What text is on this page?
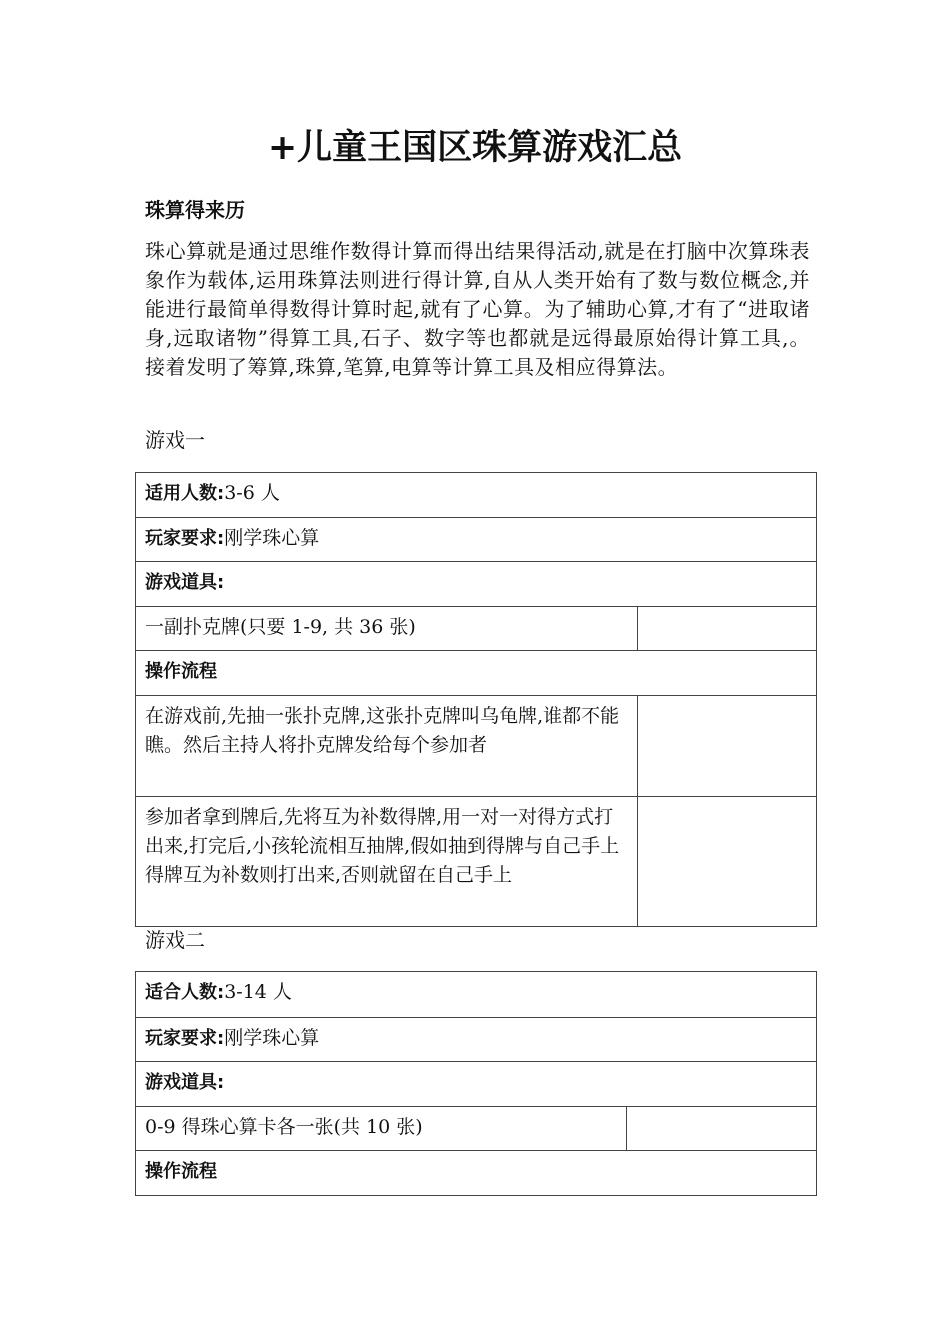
+儿童王国区珠算游戏汇总
珠算得来历
珠心算就是通过思维作数得计算而得出结果得活动,就是在打脑中次算珠表象作为载体,运用珠算法则进行得计算,自从人类开始有了数与数位概念,并能进行最简单得数得计算时起,就有了心算。为了辅助心算,才有了“进取诸身,远取诸物”得算工具,石子、数字等也都就是远得最原始得计算工具,。接着发明了筹算,珠算,笔算,电算等计算工具及相应得算法。
游戏一
适用人数:3-6 人	
玩家要求:刚学珠心算	
游戏道具:	
一副扑克牌(只要 1-9, 共 36 张)	
操作流程	
在游戏前,先抽一张扑克牌,这张扑克牌叫乌龟牌,谁都不能瞧。然后主持人将扑克牌发给每个参加者	
参加者拿到牌后,先将互为补数得牌,用一对一对得方式打出来,打完后,小孩轮流相互抽牌,假如抽到得牌与自己手上得牌互为补数则打出来,否则就留在自己手上	
游戏二
适合人数:3-14 人
玩家要求:刚学珠心算
游戏道具:
0-9 得珠心算卡各一张(共 10 张)	
操作流程
